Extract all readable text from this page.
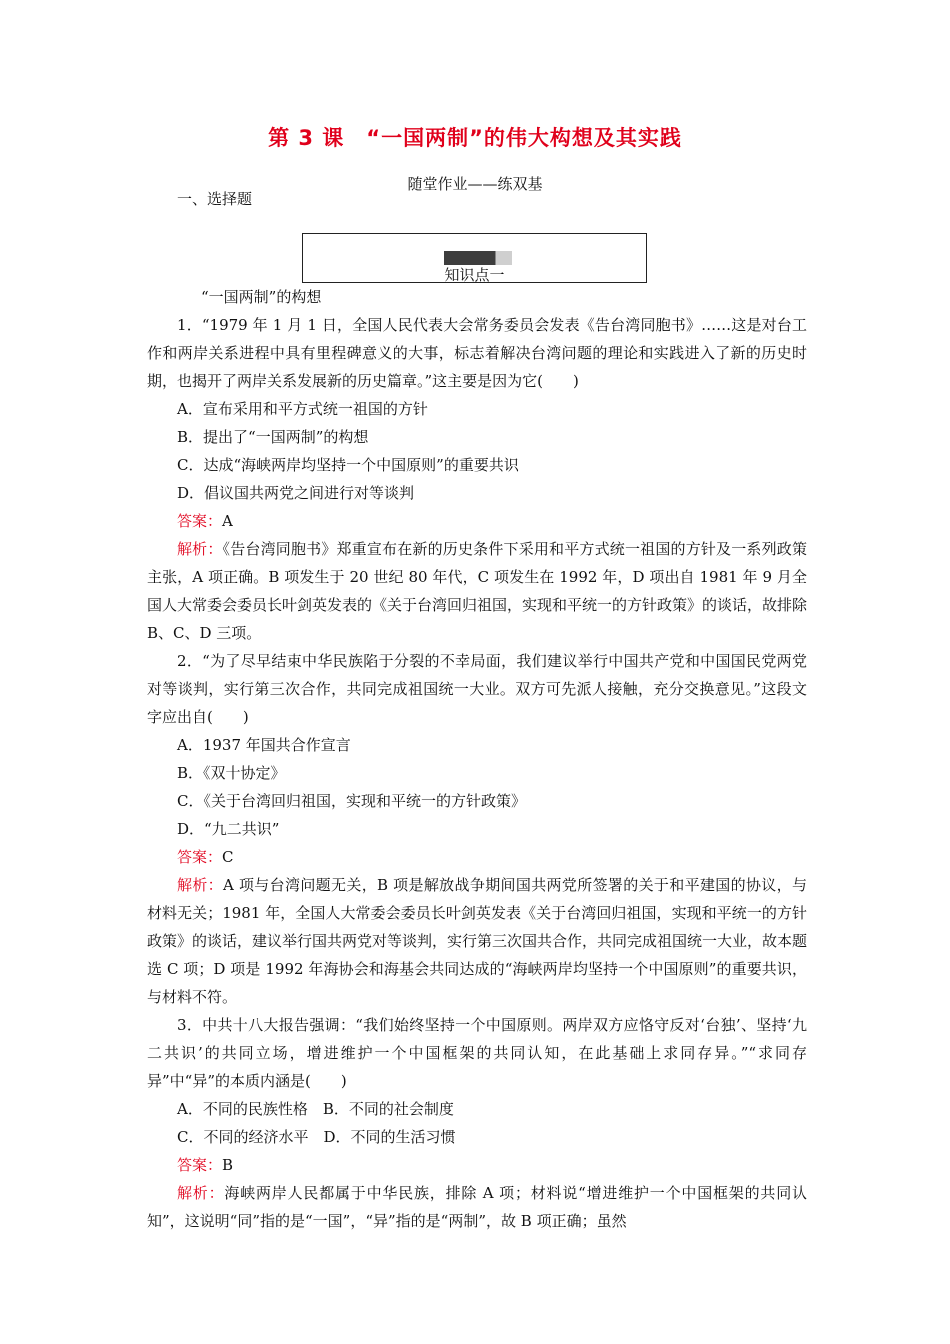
第 3 课　“一国两制”的伟大构想及其实践
随堂作业——练双基
一、选择题
知识点一
“一国两制”的构想
1．“1979 年 1 月 1 日，全国人民代表大会常务委员会发表《告台湾同胞书》……这是对台工作和两岸关系进程中具有里程碑意义的大事，标志着解决台湾问题的理论和实践进入了新的历史时期，也揭开了两岸关系发展新的历史篇章。”这主要是因为它(　　)
A．宣布采用和平方式统一祖国的方针
B．提出了“一国两制”的构想
C．达成“海峡两岸均坚持一个中国原则”的重要共识
D．倡议国共两党之间进行对等谈判
答案：A
解析：《告台湾同胞书》郑重宣布在新的历史条件下采用和平方式统一祖国的方针及一系列政策主张，A 项正确。B 项发生于 20 世纪 80 年代，C 项发生在 1992 年，D 项出自 1981 年 9 月全国人大常委会委员长叶剑英发表的《关于台湾回归祖国，实现和平统一的方针政策》的谈话，故排除 B、C、D 三项。
2．“为了尽早结束中华民族陷于分裂的不幸局面，我们建议举行中国共产党和中国国民党两党对等谈判，实行第三次合作，共同完成祖国统一大业。双方可先派人接触，充分交换意见。”这段文字应出自(　　)
A．1937 年国共合作宣言
B．《双十协定》
C．《关于台湾回归祖国，实现和平统一的方针政策》
D．“九二共识”
答案：C
解析：A 项与台湾问题无关，B 项是解放战争期间国共两党所签署的关于和平建国的协议，与材料无关；1981 年，全国人大常委会委员长叶剑英发表《关于台湾回归祖国，实现和平统一的方针政策》的谈话，建议举行国共两党对等谈判，实行第三次国共合作，共同完成祖国统一大业，故本题选 C 项；D 项是 1992 年海协会和海基会共同达成的“海峡两岸均坚持一个中国原则”的重要共识，与材料不符。
3．中共十八大报告强调：“我们始终坚持一个中国原则。两岸双方应恪守反对‘台独’、坚持‘九二共识’的共同立场，增进维护一个中国框架的共同认知，在此基础上求同存异。”“求同存异”中“异”的本质内涵是(　　)
A．不同的民族性格　B．不同的社会制度
C．不同的经济水平　D．不同的生活习惯
答案：B
解析：海峡两岸人民都属于中华民族，排除 A 项；材料说“增进维护一个中国框架的共同认知”，这说明“同”指的是“一国”，“异”指的是“两制”，故 B 项正确；虽然
